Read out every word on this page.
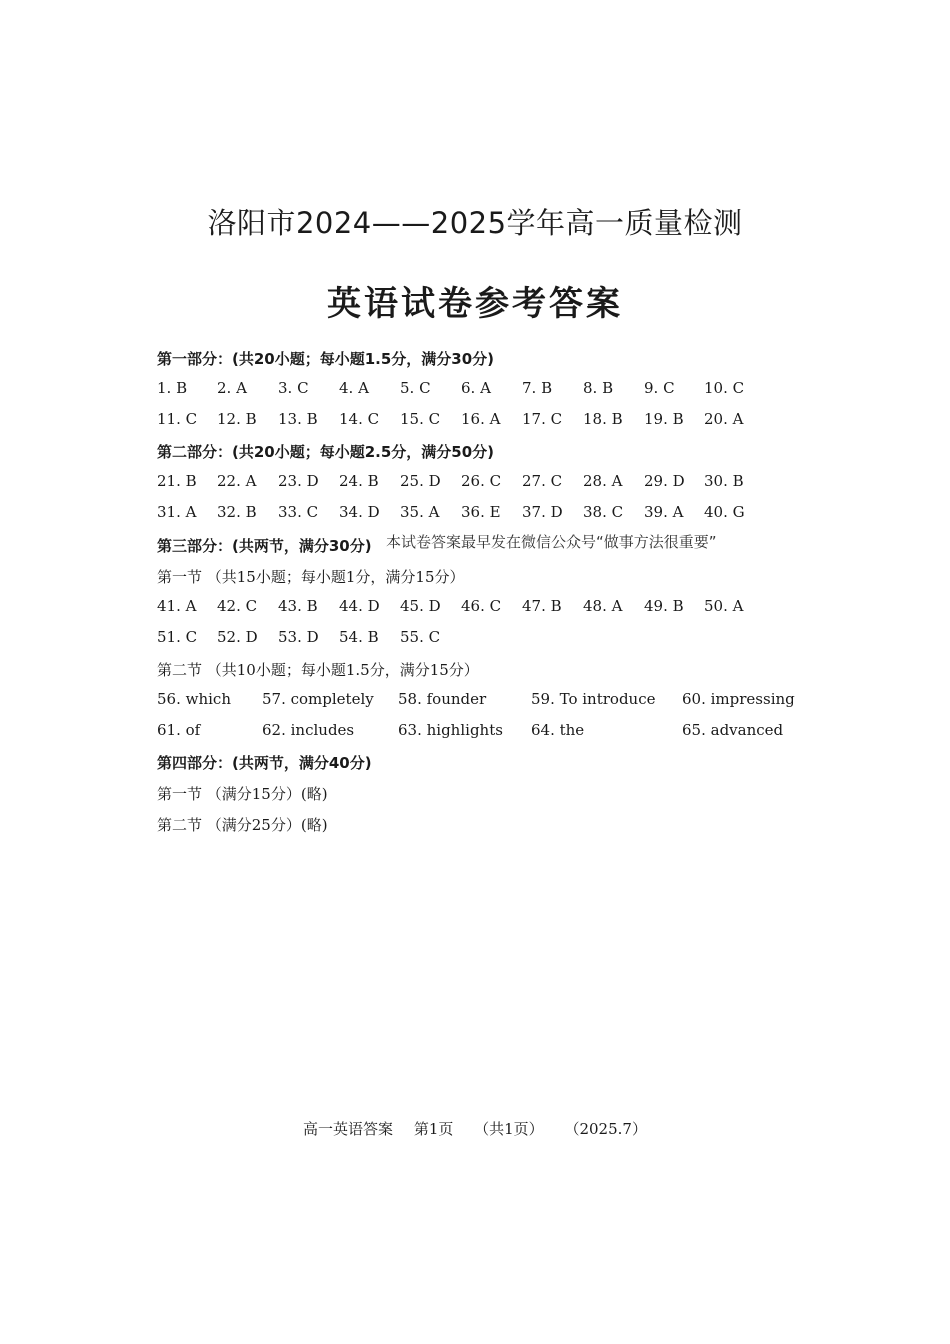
洛阳市2024——2025学年高一质量检测
英语试卷参考答案
第一部分：(共20小题；每小题1.5分，满分30分)
1. B 2. A 3. C 4. A 5. C 6. A 7. B 8. B 9. C 10. C
11. C 12. B 13. B 14. C 15. C 16. A 17. C 18. B 19. B 20. A
第二部分：(共20小题；每小题2.5分，满分50分)
21. B 22. A 23. D 24. B 25. D 26. C 27. C 28. A 29. D 30. B
31. A 32. B 33. C 34. D 35. A 36. E 37. D 38. C 39. A 40. G
第三部分：(共两节，满分30分) 本试卷答案最早发在微信公众号“做事方法很重要”
第一节 （共15小题；每小题1分，满分15分）
41. A 42. C 43. B 44. D 45. D 46. C 47. B 48. A 49. B 50. A
51. C 52. D 53. D 54. B 55. C
第二节 （共10小题；每小题1.5分，满分15分）
56. which 57. completely 58. founder	59. To introduce 60. impressing
61. of	62. includes	63. highlights 64. the	65. advanced
第四部分：(共两节，满分40分)
第一节 （满分15分）(略)
第二节 （满分25分）(略)
高一英语答案 第1页 （共1页） （2025.7）
